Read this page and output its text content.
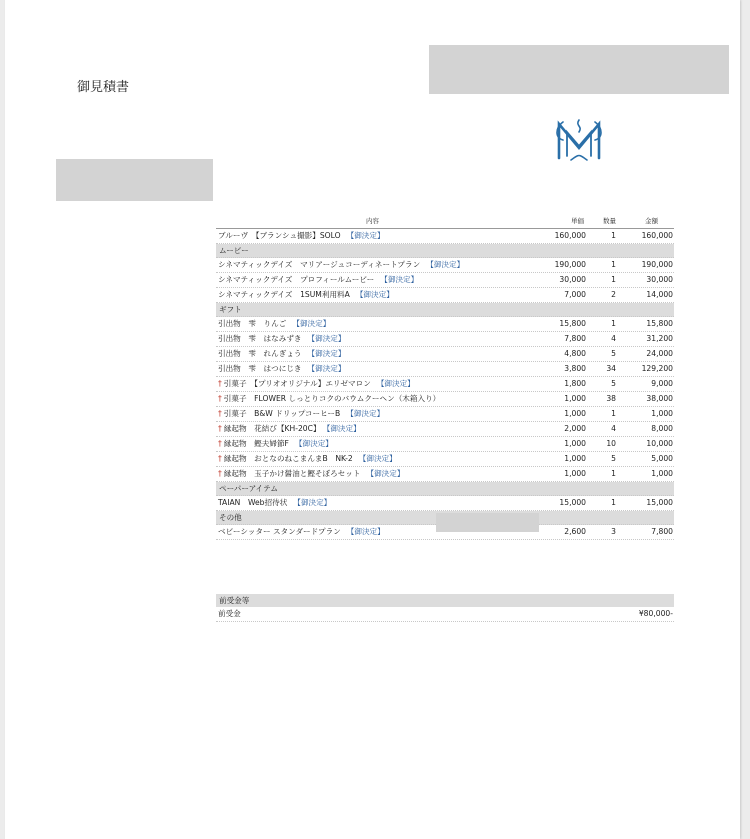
御見積書
内容	単価	数量	金額
ブルーヴ　【ブランシュ撮影】SOLO 【御決定】	160,000	1	160,000
ムービー
シネマティックデイズ　マリアージュコーディネートプラン 【御決定】	190,000	1	190,000
シネマティックデイズ　プロフィールムービー 【御決定】	30,000	1	30,000
シネマティックデイズ　1SUM利用料A 【御決定】	7,000	2	14,000
ギフト
引出物　雫　りんご 【御決定】	15,800	1	15,800
引出物　雫　はなみずき 【御決定】	7,800	4	31,200
引出物　雫　れんぎょう 【御決定】	4,800	5	24,000
引出物　雫　はつにじき 【御決定】	3,800	34	129,200
† 引菓子　【プリオオリジナル】エリゼマロン 【御決定】	1,800	5	9,000
† 引菓子　FLOWER しっとりコクのバウムクーヘン（木箱入り）	1,000	38	38,000
† 引菓子　B&W ドリップコーヒーB 【御決定】	1,000	1	1,000
† 縁起物　花結び【KH-20C】 【御決定】	2,000	4	8,000
† 縁起物　鰹夫婦節F 【御決定】	1,000	10	10,000
† 縁起物　おとなのねこまんまB　NK-2 【御決定】	1,000	5	5,000
† 縁起物　玉子かけ醤油と鰹そぼろセット 【御決定】	1,000	1	1,000
ペーパーアイテム
TAIAN　Web招待状 【御決定】	15,000	1	15,000
その他
ベビーシッター スタンダードプラン 【御決定】	2,600	3	7,800
前受金等
前受金	¥80,000-
